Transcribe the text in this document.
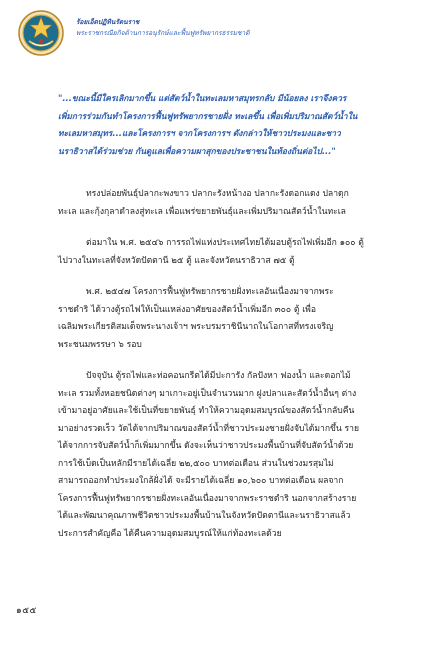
ร้อยเอ็ดปฏิทินรัตนราช
พระราชกรณียกิจด้านการอนุรักษ์และฟื้นฟูทรัพยากรธรรมชาติ
"...ขณะนี้มีใครเลิกมากขึ้น แต่สัตว์น้ำในทะเลมหาสมุทรกลับ มีน้อยลง เราจึงควรเพิ่มการร่วมกันทำโครงการฟื้นฟูทรัพยากรชายฝั่ง ทะเลขึ้น เพื่อเพิ่มปริมาณสัตว์น้ำในทะเลมหาสมุทร...และโครงการฯ จากโครงการฯ ดังกล่าวให้ชาวประมงและชาวนราธิวาสได้ร่วมช่วย กันดูแลเพื่อความผาสุกของประชาชนในท้องถิ่นต่อไป..."

ทรงปล่อยพันธุ์ปลากะพงขาว ปลากะรังหน้างอ ปลากะรังดอกแดง ปลาดุกทะเล และกุ้งกุลาดำลงสู่ทะเล เพื่อแพร่ขยายพันธุ์และเพิ่มปริมาณสัตว์น้ำในทะเล

ต่อมาใน พ.ศ. ๒๕๔๖ การรถไฟแห่งประเทศไทยได้มอบตู้รถไฟเพิ่มอีก ๑๐๐ ตู้ ไปวางในทะเลที่จังหวัดปัตตานี ๒๕ ตู้ และจังหวัดนราธิวาส ๗๕ ตู้

พ.ศ. ๒๕๔๗ โครงการฟื้นฟูทรัพยากรชายฝั่งทะเลอันเนื่องมาจากพระราชดำริ ได้วางตู้รถไฟให้เป็นแหล่งอาศัยของสัตว์น้ำเพิ่มอีก ๓๐๐ ตู้ เพื่อเฉลิมพระเกียรติสมเด็จพระนางเจ้าฯ พระบรมราชินีนาถในโอกาสที่ทรงเจริญพระชนมพรรษา ๖ รอบ

ปัจจุบัน ตู้รถไฟและท่อคอนกรีตได้มีปะการัง กัลปังหา ฟองน้ำ และดอกไม้ทะเล รวมทั้งหอยชนิดต่างๆ มาเกาะอยู่เป็นจำนวนมาก ฝูงปลาและสัตว์น้ำอื่นๆ ต่างเข้ามาอยู่อาศัยและใช้เป็นที่ขยายพันธุ์ ทำให้ความอุดมสมบูรณ์ของสัตว์น้ำกลับคืนมาอย่างรวดเร็ว วัดได้จากปริมาณของสัตว์น้ำที่ชาวประมงชายฝั่งจับได้มากขึ้น รายได้จากการจับสัตว์น้ำก็เพิ่มมากขึ้น ดังจะเห็นว่าชาวประมงพื้นบ้านที่จับสัตว์น้ำด้วยการใช้เบ็ดเป็นหลักมีรายได้เฉลี่ย ๒๒,๕๐๐ บาทต่อเดือน ส่วนในช่วงมรสุมไม่สามารถออกทำประมงใกล้ฝั่งได้ จะมีรายได้เฉลี่ย ๑๐,๖๐๐ บาทต่อเดือน ผลจากโครงการฟื้นฟูทรัพยากรชายฝั่งทะเลอันเนื่องมาจากพระราชดำริ นอกจากสร้างรายได้และพัฒนาคุณภาพชีวิตชาวประมงพื้นบ้านในจังหวัดปัตตานีและนราธิวาสแล้ว ประการสำคัญคือ ได้คืนความอุดมสมบูรณ์ให้แก่ท้องทะเลด้วย

๑๕๕
